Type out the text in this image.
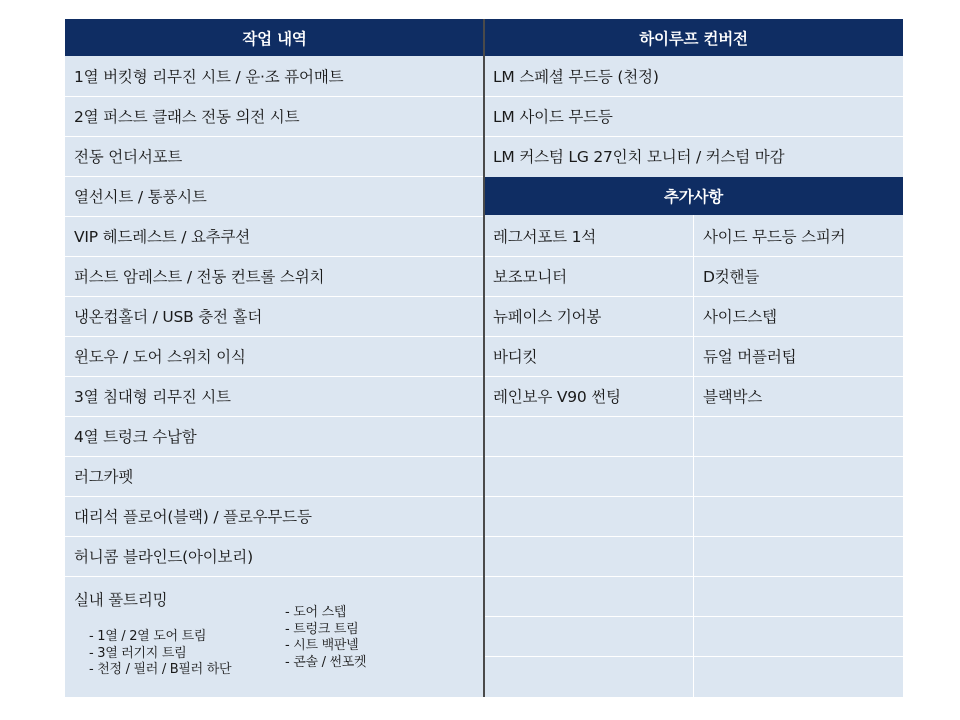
작업 내역	하이루프 컨버전
추가사항
1열 버킷형 리무진 시트 / 운·조 퓨어매트
2열 퍼스트 클래스 전동 의전 시트
전동 언더서포트
열선시트 / 통풍시트
VIP 헤드레스트 / 요추쿠션
퍼스트 암레스트 / 전동 컨트롤 스위치
냉온컵홀더 / USB 충전 홀더
윈도우 / 도어 스위치 이식
3열 침대형 리무진 시트
4열 트렁크 수납함
러그카펫
대리석 플로어(블랙) / 플로우무드등
허니콤 블라인드(아이보리)
실내 풀트리밍
- 1열 / 2열 도어 트림
- 3열 러기지 트림
- 천정 / 필러 / B필러 하단
- 도어 스텝
- 트렁크 트림
- 시트 백판넬
- 콘솔 / 썬포켓
LM 스페셜 무드등 (천정)
LM 사이드 무드등
LM 커스텀 LG 27인치 모니터 / 커스텀 마감
레그서포트 1석
보조모니터
뉴페이스 기어봉
바디킷
레인보우 V90 썬팅
사이드 무드등 스피커
D컷핸들
사이드스텝
듀얼 머플러팁
블랙박스
